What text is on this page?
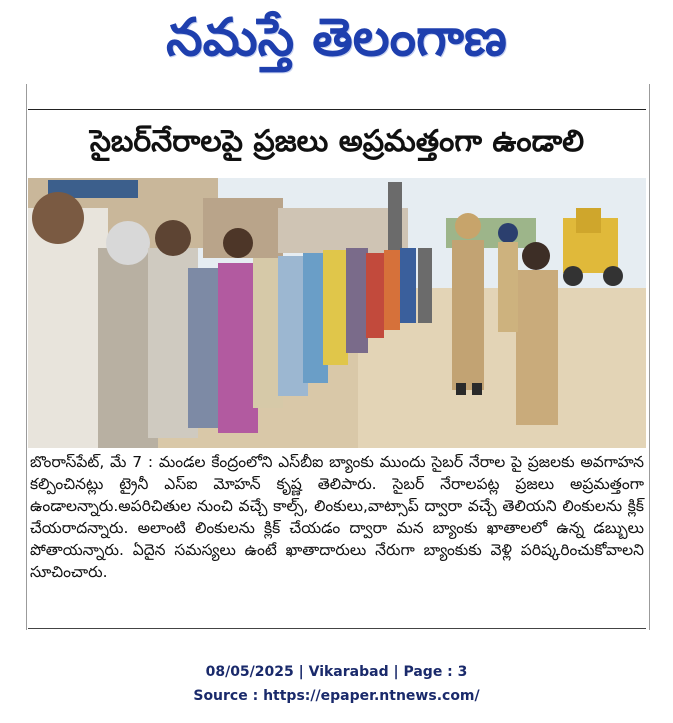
నమస్తే తెలంగాణ
సైబర్‌నేరాలపై ప్రజలు అప్రమత్తంగా ఉండాలి

బొంరాస్‌పేట్, మే 7 : మండల కేంద్రంలోని ఎస్‌బీఐ బ్యాంకు ముందు సైబర్ నేరాల పై ప్రజలకు అవగాహన కల్పించినట్లు ట్రైనీ ఎస్ఐ మోహన్ కృష్ణ తెలిపారు. సైబర్ నేరాలపట్ల ప్రజలు అప్రమత్తంగా ఉండాలన్నారు.అపరిచితుల నుంచి వచ్చే కాల్స్, లింకులు,వాట్సాప్ ద్వారా వచ్చే తెలియని లింకులను క్లిక్ చేయరాదన్నారు. అలాంటి లింకులను క్లిక్ చేయడం ద్వారా మన బ్యాంకు ఖాతాలలో ఉన్న డబ్బులు పోతాయన్నారు. ఏదైన సమస్యలు ఉంటే ఖాతాదారులు నేరుగా బ్యాంకుకు వెళ్లి పరిష్కరించుకోవాలని సూచించారు.

08/05/2025 | Vikarabad | Page : 3
Source : https://epaper.ntnews.com/
